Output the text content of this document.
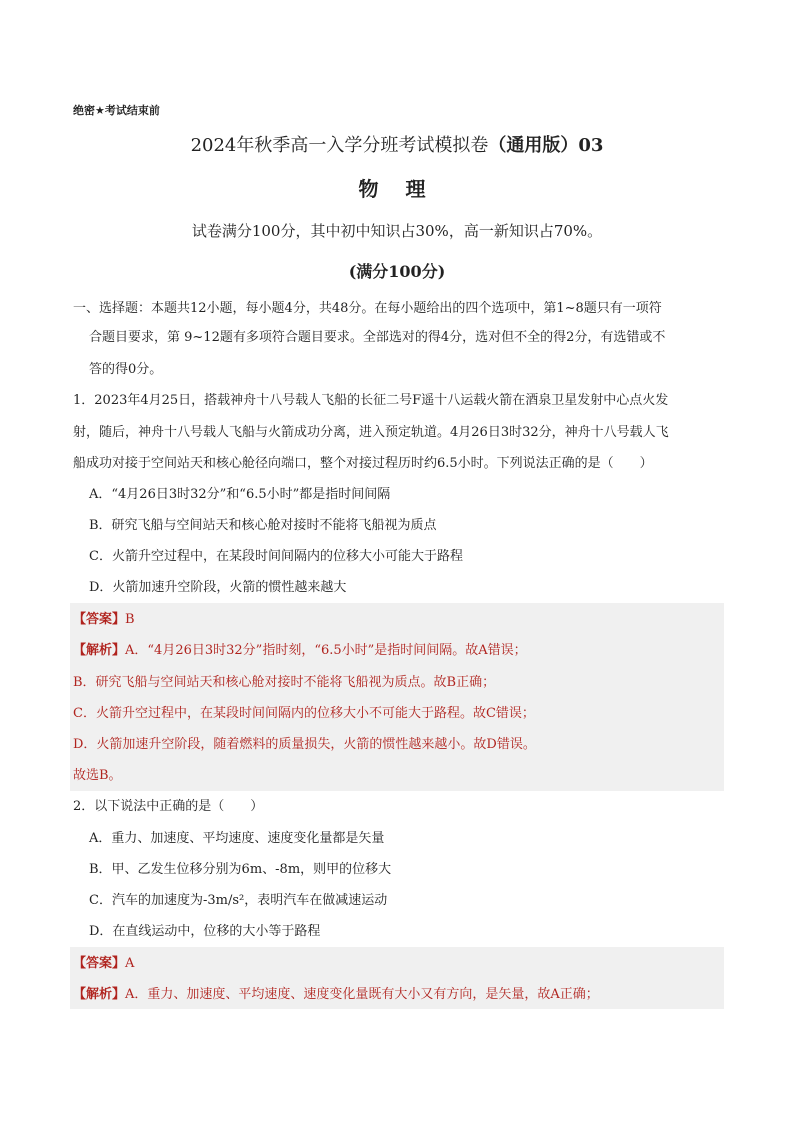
绝密★考试结束前
2024年秋季高一入学分班考试模拟卷（通用版）03
物 理
试卷满分100分，其中初中知识占30%，高一新知识占70%。
(满分100分)
一、选择题：本题共12小题，每小题4分，共48分。在每小题给出的四个选项中，第1~8题只有一项符
合题目要求，第 9~12题有多项符合题目要求。全部选对的得4分，选对但不全的得2分，有选错或不
答的得0分。
1．2023年4月25日，搭载神舟十八号载人飞船的长征二号F遥十八运载火箭在酒泉卫星发射中心点火发
射，随后，神舟十八号载人飞船与火箭成功分离，进入预定轨道。4月26日3时32分，神舟十八号载人飞
船成功对接于空间站天和核心舱径向端口，整个对接过程历时约6.5小时。下列说法正确的是（　　）
A．“4月26日3时32分”和“6.5小时”都是指时间间隔
B．研究飞船与空间站天和核心舱对接时不能将飞船视为质点
C．火箭升空过程中，在某段时间间隔内的位移大小可能大于路程
D．火箭加速升空阶段，火箭的惯性越来越大
【答案】B
【解析】A．“4月26日3时32分”指时刻，“6.5小时”是指时间间隔。故A错误；
B．研究飞船与空间站天和核心舱对接时不能将飞船视为质点。故B正确；
C．火箭升空过程中，在某段时间间隔内的位移大小不可能大于路程。故C错误；
D．火箭加速升空阶段，随着燃料的质量损失，火箭的惯性越来越小。故D错误。
故选B。
2．以下说法中正确的是（　　）
A．重力、加速度、平均速度、速度变化量都是矢量
B．甲、乙发生位移分别为6m、-8m，则甲的位移大
C．汽车的加速度为-3m/s²，表明汽车在做减速运动
D．在直线运动中，位移的大小等于路程
【答案】A
【解析】A．重力、加速度、平均速度、速度变化量既有大小又有方向，是矢量，故A正确；
